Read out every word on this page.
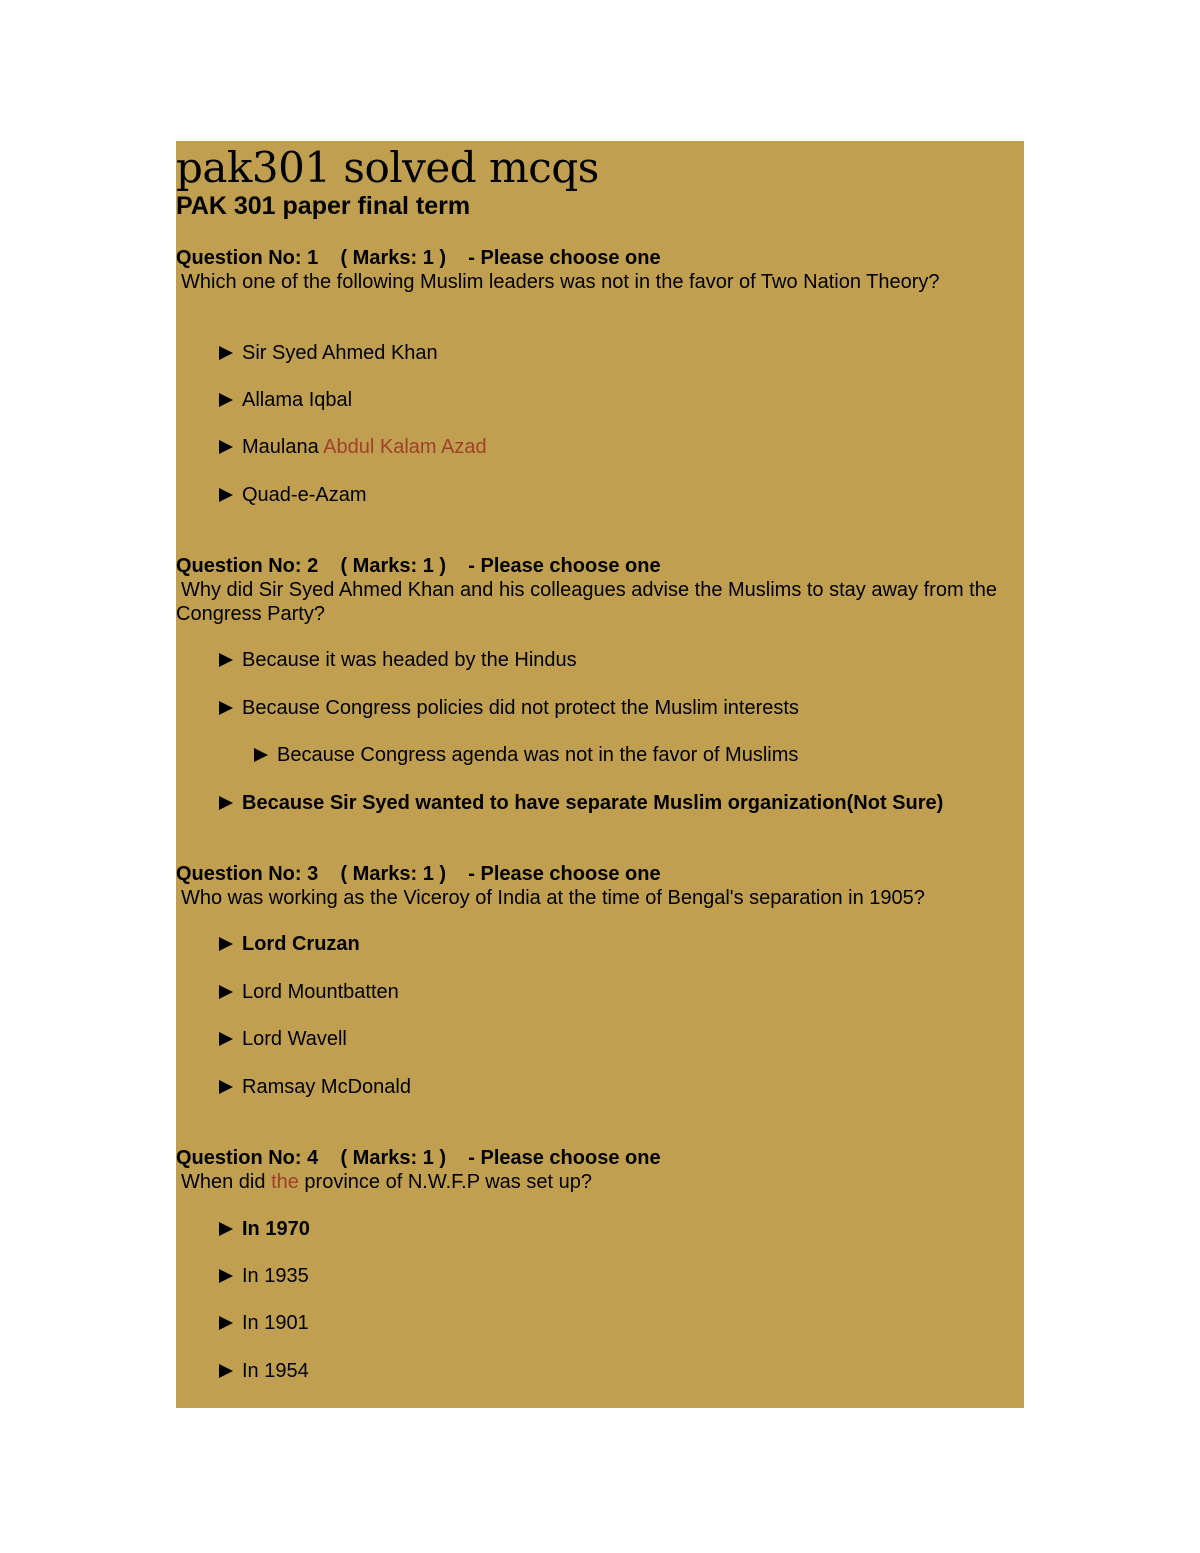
pak301 solved mcqs
PAK 301 paper final term
Question No: 1    ( Marks: 1 )    - Please choose one
Which one of the following Muslim leaders was not in the favor of Two Nation Theory?
Sir Syed Ahmed Khan
Allama Iqbal
Maulana Abdul Kalam Azad
Quad-e-Azam
Question No: 2    ( Marks: 1 )    - Please choose one
Why did Sir Syed Ahmed Khan and his colleagues advise the Muslims to stay away from the Congress Party?
Because it was headed by the Hindus
Because Congress policies did not protect the Muslim interests
Because Congress agenda was not in the favor of Muslims
Because Sir Syed wanted to have separate Muslim organization(Not Sure)
Question No: 3    ( Marks: 1 )    - Please choose one
Who was working as the Viceroy of India at the time of Bengal's separation in 1905?
Lord Cruzan
Lord Mountbatten
Lord Wavell
Ramsay McDonald
Question No: 4    ( Marks: 1 )    - Please choose one
When did the province of N.W.F.P was set up?
In 1970
In 1935
In 1901
In 1954
